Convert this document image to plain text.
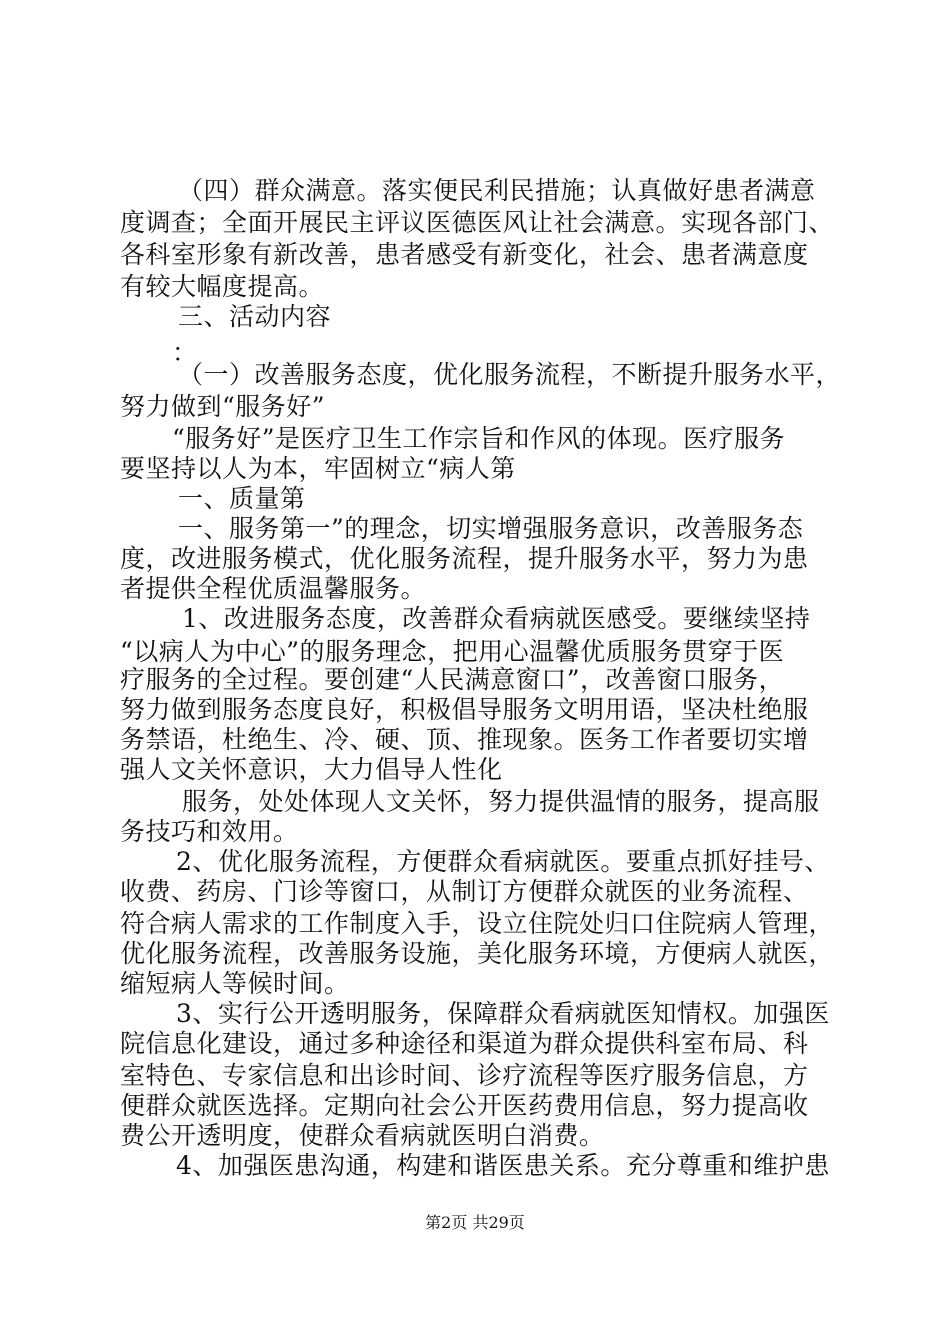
（四）群众满意。落实便民利民措施；认真做好患者满意
度调查；全面开展民主评议医德医风让社会满意。实现各部门、
各科室形象有新改善，患者感受有新变化，社会、患者满意度
有较大幅度提高。
三、活动内容
：
（一）改善服务态度，优化服务流程，不断提升服务水平，
努力做到“服务好”
“服务好”是医疗卫生工作宗旨和作风的体现。医疗服务
要坚持以人为本，牢固树立“病人第
一、质量第
一、服务第一”的理念，切实增强服务意识，改善服务态
度，改进服务模式，优化服务流程，提升服务水平，努力为患
者提供全程优质温馨服务。
1、改进服务态度，改善群众看病就医感受。要继续坚持
“以病人为中心”的服务理念，把用心温馨优质服务贯穿于医
疗服务的全过程。要创建“人民满意窗口”，改善窗口服务，
努力做到服务态度良好，积极倡导服务文明用语，坚决杜绝服
务禁语，杜绝生、冷、硬、顶、推现象。医务工作者要切实增
强人文关怀意识，大力倡导人性化
服务，处处体现人文关怀，努力提供温情的服务，提高服
务技巧和效用。
2、优化服务流程，方便群众看病就医。要重点抓好挂号、
收费、药房、门诊等窗口，从制订方便群众就医的业务流程、
符合病人需求的工作制度入手，设立住院处归口住院病人管理，
优化服务流程，改善服务设施，美化服务环境，方便病人就医，
缩短病人等候时间。
3、实行公开透明服务，保障群众看病就医知情权。加强医
院信息化建设，通过多种途径和渠道为群众提供科室布局、科
室特色、专家信息和出诊时间、诊疗流程等医疗服务信息，方
便群众就医选择。定期向社会公开医药费用信息，努力提高收
费公开透明度，使群众看病就医明白消费。
4、加强医患沟通，构建和谐医患关系。充分尊重和维护患
第2页 共29页
